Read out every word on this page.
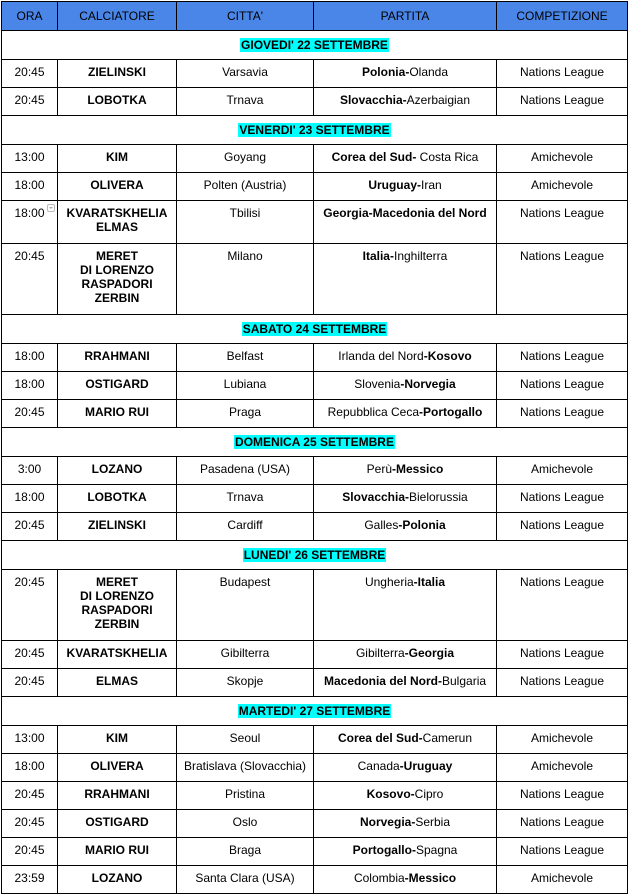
ORA	CALCIATORE	CITTA'	PARTITA	COMPETIZIONE
GIOVEDI' 22 SETTEMBRE				
20:45	ZIELINSKI	Varsavia	Polonia-Olanda	Nations League
20:45	LOBOTKA	Trnava	Slovacchia-Azerbaigian	Nations League
VENERDI' 23 SETTEMBRE				
13:00	KIM	Goyang	Corea del Sud- Costa Rica	Amichevole
18:00	OLIVERA	Polten (Austria)	Uruguay-Iran	Amichevole
18:00	KVARATSKHELIA
ELMAS	Tbilisi	Georgia-Macedonia del Nord	Nations League
20:45	MERET
DI LORENZO
RASPADORI
ZERBIN	Milano	Italia-Inghilterra	Nations League
SABATO 24 SETTEMBRE				
18:00	RRAHMANI	Belfast	Irlanda del Nord-Kosovo	Nations League
18:00	OSTIGARD	Lubiana	Slovenia-Norvegia	Nations League
20:45	MARIO RUI	Praga	Repubblica Ceca-Portogallo	Nations League
DOMENICA 25 SETTEMBRE				
3:00	LOZANO	Pasadena (USA)	Perù-Messico	Amichevole
18:00	LOBOTKA	Trnava	Slovacchia-Bielorussia	Nations League
20:45	ZIELINSKI	Cardiff	Galles-Polonia	Nations League
LUNEDI' 26 SETTEMBRE				
20:45	MERET
DI LORENZO
RASPADORI
ZERBIN	Budapest	Ungheria-Italia	Nations League
20:45	KVARATSKHELIA	Gibilterra	Gibilterra-Georgia	Nations League
20:45	ELMAS	Skopje	Macedonia del Nord-Bulgaria	Nations League
MARTEDI' 27 SETTEMBRE				
13:00	KIM	Seoul	Corea del Sud-Camerun	Amichevole
18:00	OLIVERA	Bratislava (Slovacchia)	Canada-Uruguay	Amichevole
20:45	RRAHMANI	Pristina	Kosovo-Cipro	Nations League
20:45	OSTIGARD	Oslo	Norvegia-Serbia	Nations League
20:45	MARIO RUI	Braga	Portogallo-Spagna	Nations League
23:59	LOZANO	Santa Clara (USA)	Colombia-Messico	Amichevole
